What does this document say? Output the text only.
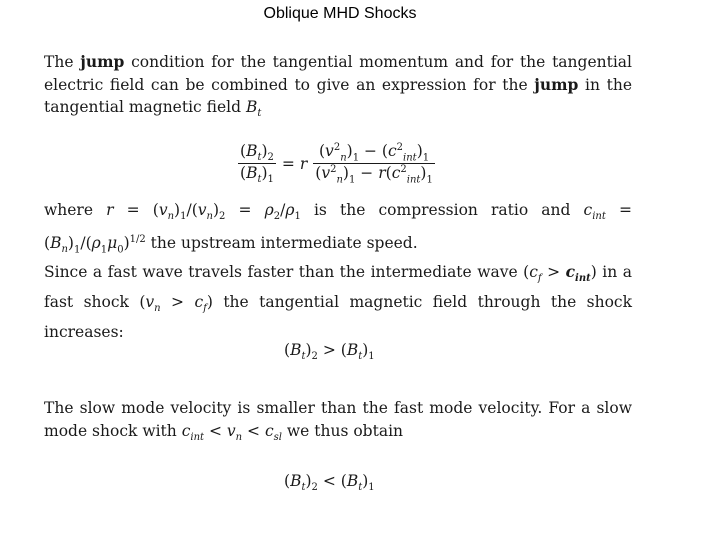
Oblique MHD Shocks
The jump condition for the tangential momentum and for the tangential electric field can be combined to give an expression for the jump in the tangential magnetic field $B_t$
$\frac{(B_t)_2}{(B_t)_1} = r \frac{(v^2_n)_1 - (c^2_{int})_1}{(v^2_n)_1 - r(c^2_{int})_1}$
where $r = (v_n)_1/(v_n)_2 = \rho_2/\rho_1$ is the compression ratio and $c_{int} = (B_n)_1/(\rho_1\mu_0)^{1/2}$ the upstream intermediate speed.
Since a fast wave travels faster than the intermediate wave $(c_f > c_{int})$ in a fast shock $(v_n > c_f)$ the tangential magnetic field through the shock increases:
$(B_t)_2 > (B_t)_1$
The slow mode velocity is smaller than the fast mode velocity. For a slow mode shock with $c_{int} < v_n < c_{sl}$ we thus obtain
$(B_t)_2 < (B_t)_1$
